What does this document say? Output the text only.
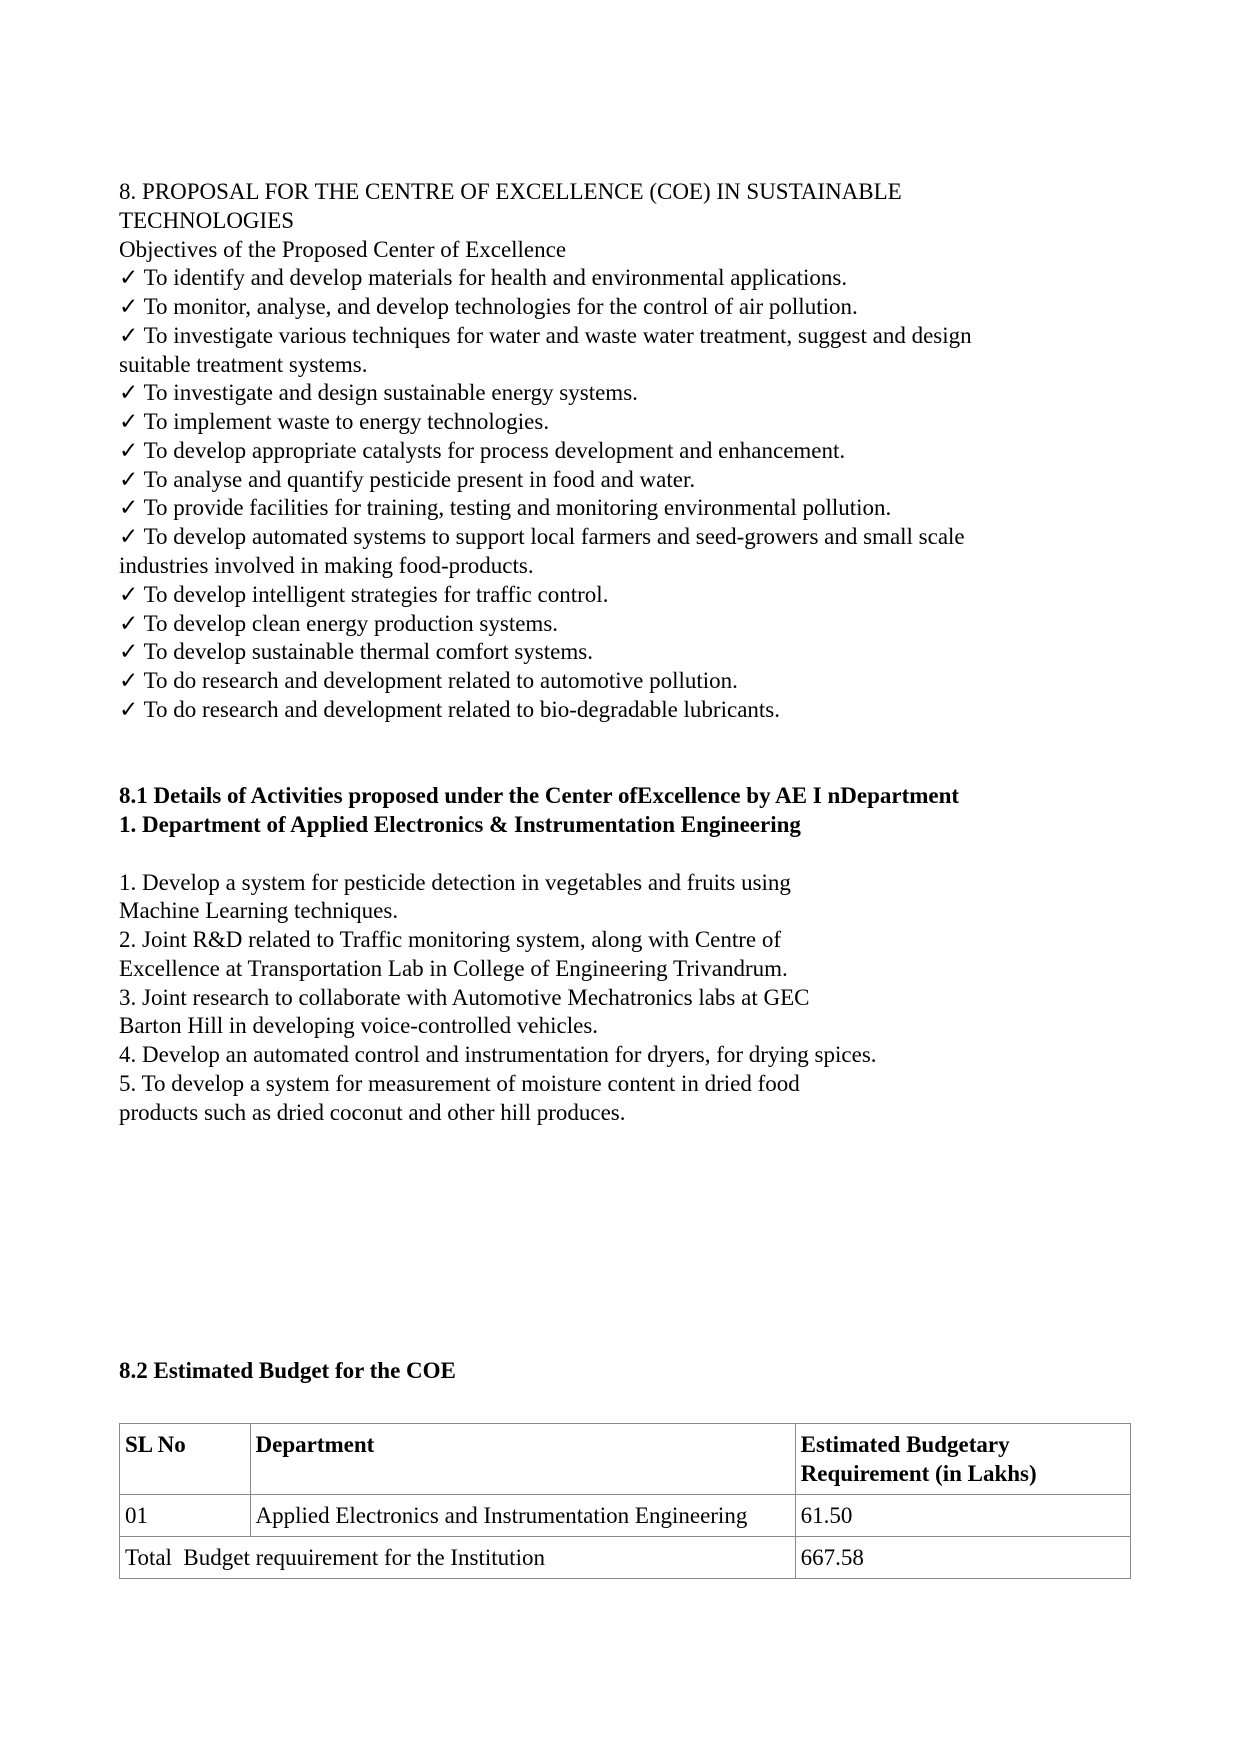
8. PROPOSAL FOR THE CENTRE OF EXCELLENCE (COE) IN SUSTAINABLE
TECHNOLOGIES
Objectives of the Proposed Center of Excellence
✓ To identify and develop materials for health and environmental applications.
✓ To monitor, analyse, and develop technologies for the control of air pollution.
✓ To investigate various techniques for water and waste water treatment, suggest and design
suitable treatment systems.
✓ To investigate and design sustainable energy systems.
✓ To implement waste to energy technologies.
✓ To develop appropriate catalysts for process development and enhancement.
✓ To analyse and quantify pesticide present in food and water.
✓ To provide facilities for training, testing and monitoring environmental pollution.
✓ To develop automated systems to support local farmers and seed-growers and small scale
industries involved in making food-products.
✓ To develop intelligent strategies for traffic control.
✓ To develop clean energy production systems.
✓ To develop sustainable thermal comfort systems.
✓ To do research and development related to automotive pollution.
✓ To do research and development related to bio-degradable lubricants.
8.1 Details of Activities proposed under the Center ofExcellence by AE I nDepartment
1. Department of Applied Electronics & Instrumentation Engineering
1. Develop a system for pesticide detection in vegetables and fruits using
Machine Learning techniques.
2. Joint R&D related to Traffic monitoring system, along with Centre of
Excellence at Transportation Lab in College of Engineering Trivandrum.
3. Joint research to collaborate with Automotive Mechatronics labs at GEC
Barton Hill in developing voice-controlled vehicles.
4. Develop an automated control and instrumentation for dryers, for drying spices.
5. To develop a system for measurement of moisture content in dried food
products such as dried coconut and other hill produces.
8.2 Estimated Budget for the COE
SL No	Department	Estimated Budgetary Requirement (in Lakhs)
01	Applied Electronics and Instrumentation Engineering	61.50
Total  Budget requuirement for the Institution		667.58
